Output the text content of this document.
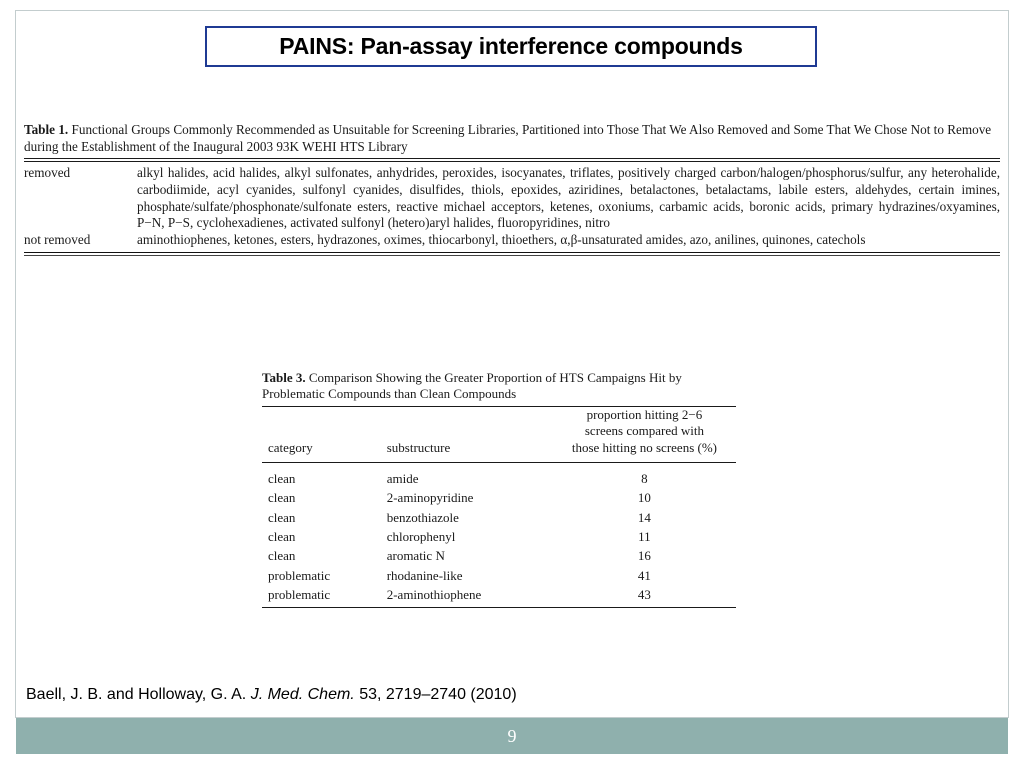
PAINS: Pan-assay interference compounds
Table 1. Functional Groups Commonly Recommended as Unsuitable for Screening Libraries, Partitioned into Those That We Also Removed and Some That We Chose Not to Remove during the Establishment of the Inaugural 2003 93K WEHI HTS Library
removed	alkyl halides, acid halides, alkyl sulfonates, anhydrides, peroxides, isocyanates, triflates, positively charged carbon/halogen/phosphorus/sulfur, any heterohalide, carbodiimide, acyl cyanides, sulfonyl cyanides, disulfides, thiols, epoxides, aziridines, betalactones, betalactams, labile esters, aldehydes, certain imines, phosphate/sulfate/phosphonate/sulfonate esters, reactive michael acceptors, ketenes, oxoniums, carbamic acids, boronic acids, primary hydrazines/oxyamines, P−N, P−S, cyclohexadienes, activated sulfonyl (hetero)aryl halides, fluoropyridines, nitro
not removed	aminothiophenes, ketones, esters, hydrazones, oximes, thiocarbonyl, thioethers, α,β-unsaturated amides, azo, anilines, quinones, catechols
Table 3. Comparison Showing the Greater Proportion of HTS Campaigns Hit by Problematic Compounds than Clean Compounds
category	substructure	proportion hitting 2−6
screens compared with
those hitting no screens (%)

clean	amide	8
clean	2-aminopyridine	10
clean	benzothiazole	14
clean	chlorophenyl	11
clean	aromatic N	16
problematic	rhodanine-like	41
problematic	2-aminothiophene	43
Baell, J. B. and Holloway, G. A. J. Med. Chem. 53, 2719–2740 (2010)
9
